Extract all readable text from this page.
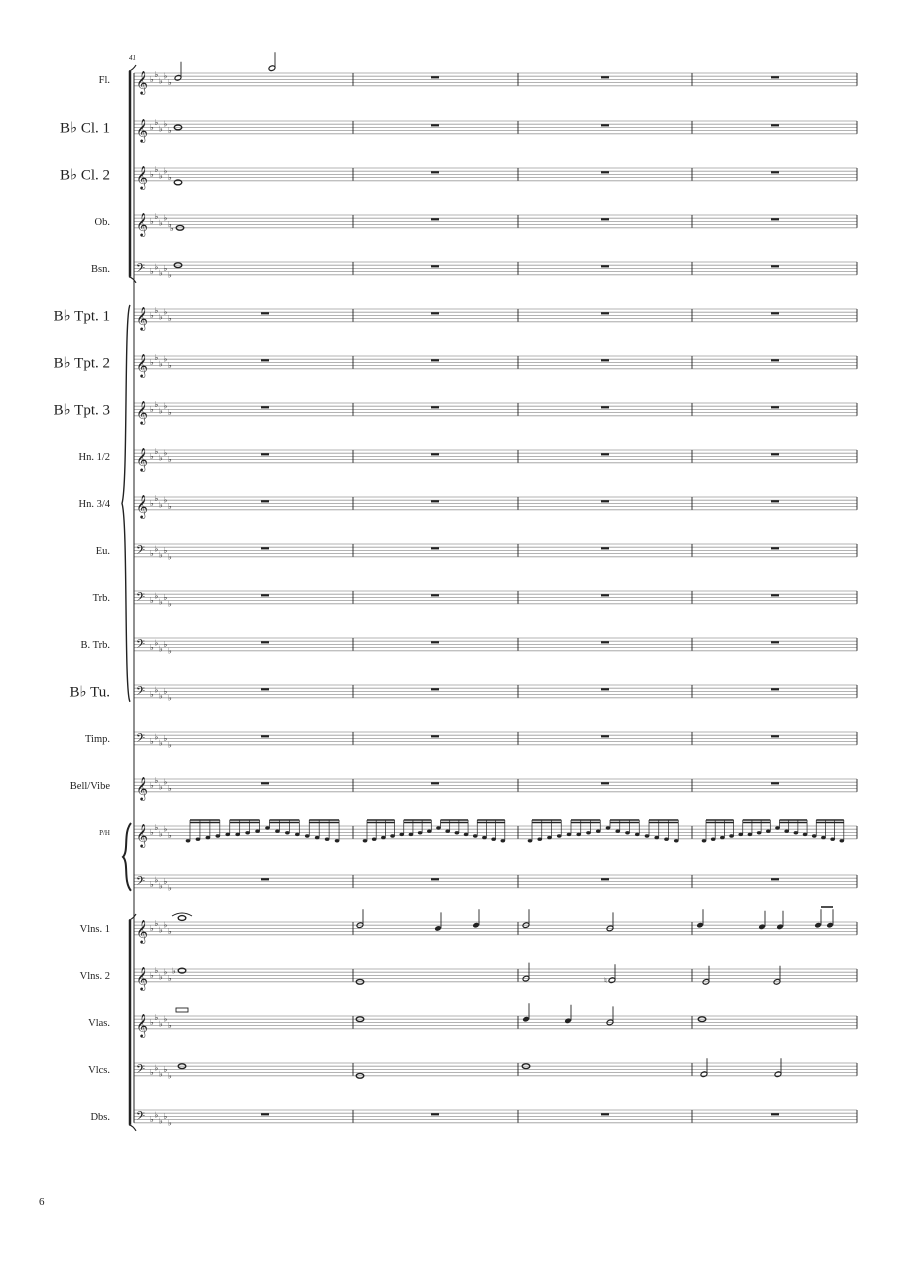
Fl. 𝄞 ♭
♭
♭
♭
♭
B♭ Cl. 1 𝄞 ♭
♭
♭
♭
♭
B♭ Cl. 2 𝄞 ♭
♭
♭
♭
♭
Ob. 𝄞 ♭
♭
♭
♭
♭
Bsn. 𝄢 ♭
♭
♭
♭
♭
B♭ Tpt. 1 𝄞 ♭
♭
♭
♭
♭
B♭ Tpt. 2 𝄞 ♭
♭
♭
♭
♭
B♭ Tpt. 3 𝄞 ♭
♭
♭
♭
♭
Hn. 1/2 𝄞 ♭
♭
♭
♭
♭
Hn. 3/4 𝄞 ♭
♭
♭
♭
♭
Eu. 𝄢 ♭
♭
♭
♭
♭
Trb. 𝄢 ♭
♭
♭
♭
♭
B. Trb. 𝄢 ♭
♭
♭
♭
♭
B♭ Tu. 𝄢 ♭
♭
♭
♭
♭
Timp. 𝄢 ♭
♭
♭
♭
♭
Bell/Vibe 𝄞 ♭
♭
♭
♭
♭
P/H 𝄞 ♭
♭
♭
♭
♭
𝄢 ♭
♭
♭
♭
♭
Vlns. 1 𝄞 ♭
♭
♭
♭
♭
Vlns. 2 𝄞 ♭
♭
♭
♭
♭
Vlas. 𝄞 ♭
♭
♭
♭
♭
Vlcs. 𝄢 ♭
♭
♭
♭
♭
Dbs. 𝄢 ♭
♭
♭
♭
♭
♭
♭
♮
41
6
